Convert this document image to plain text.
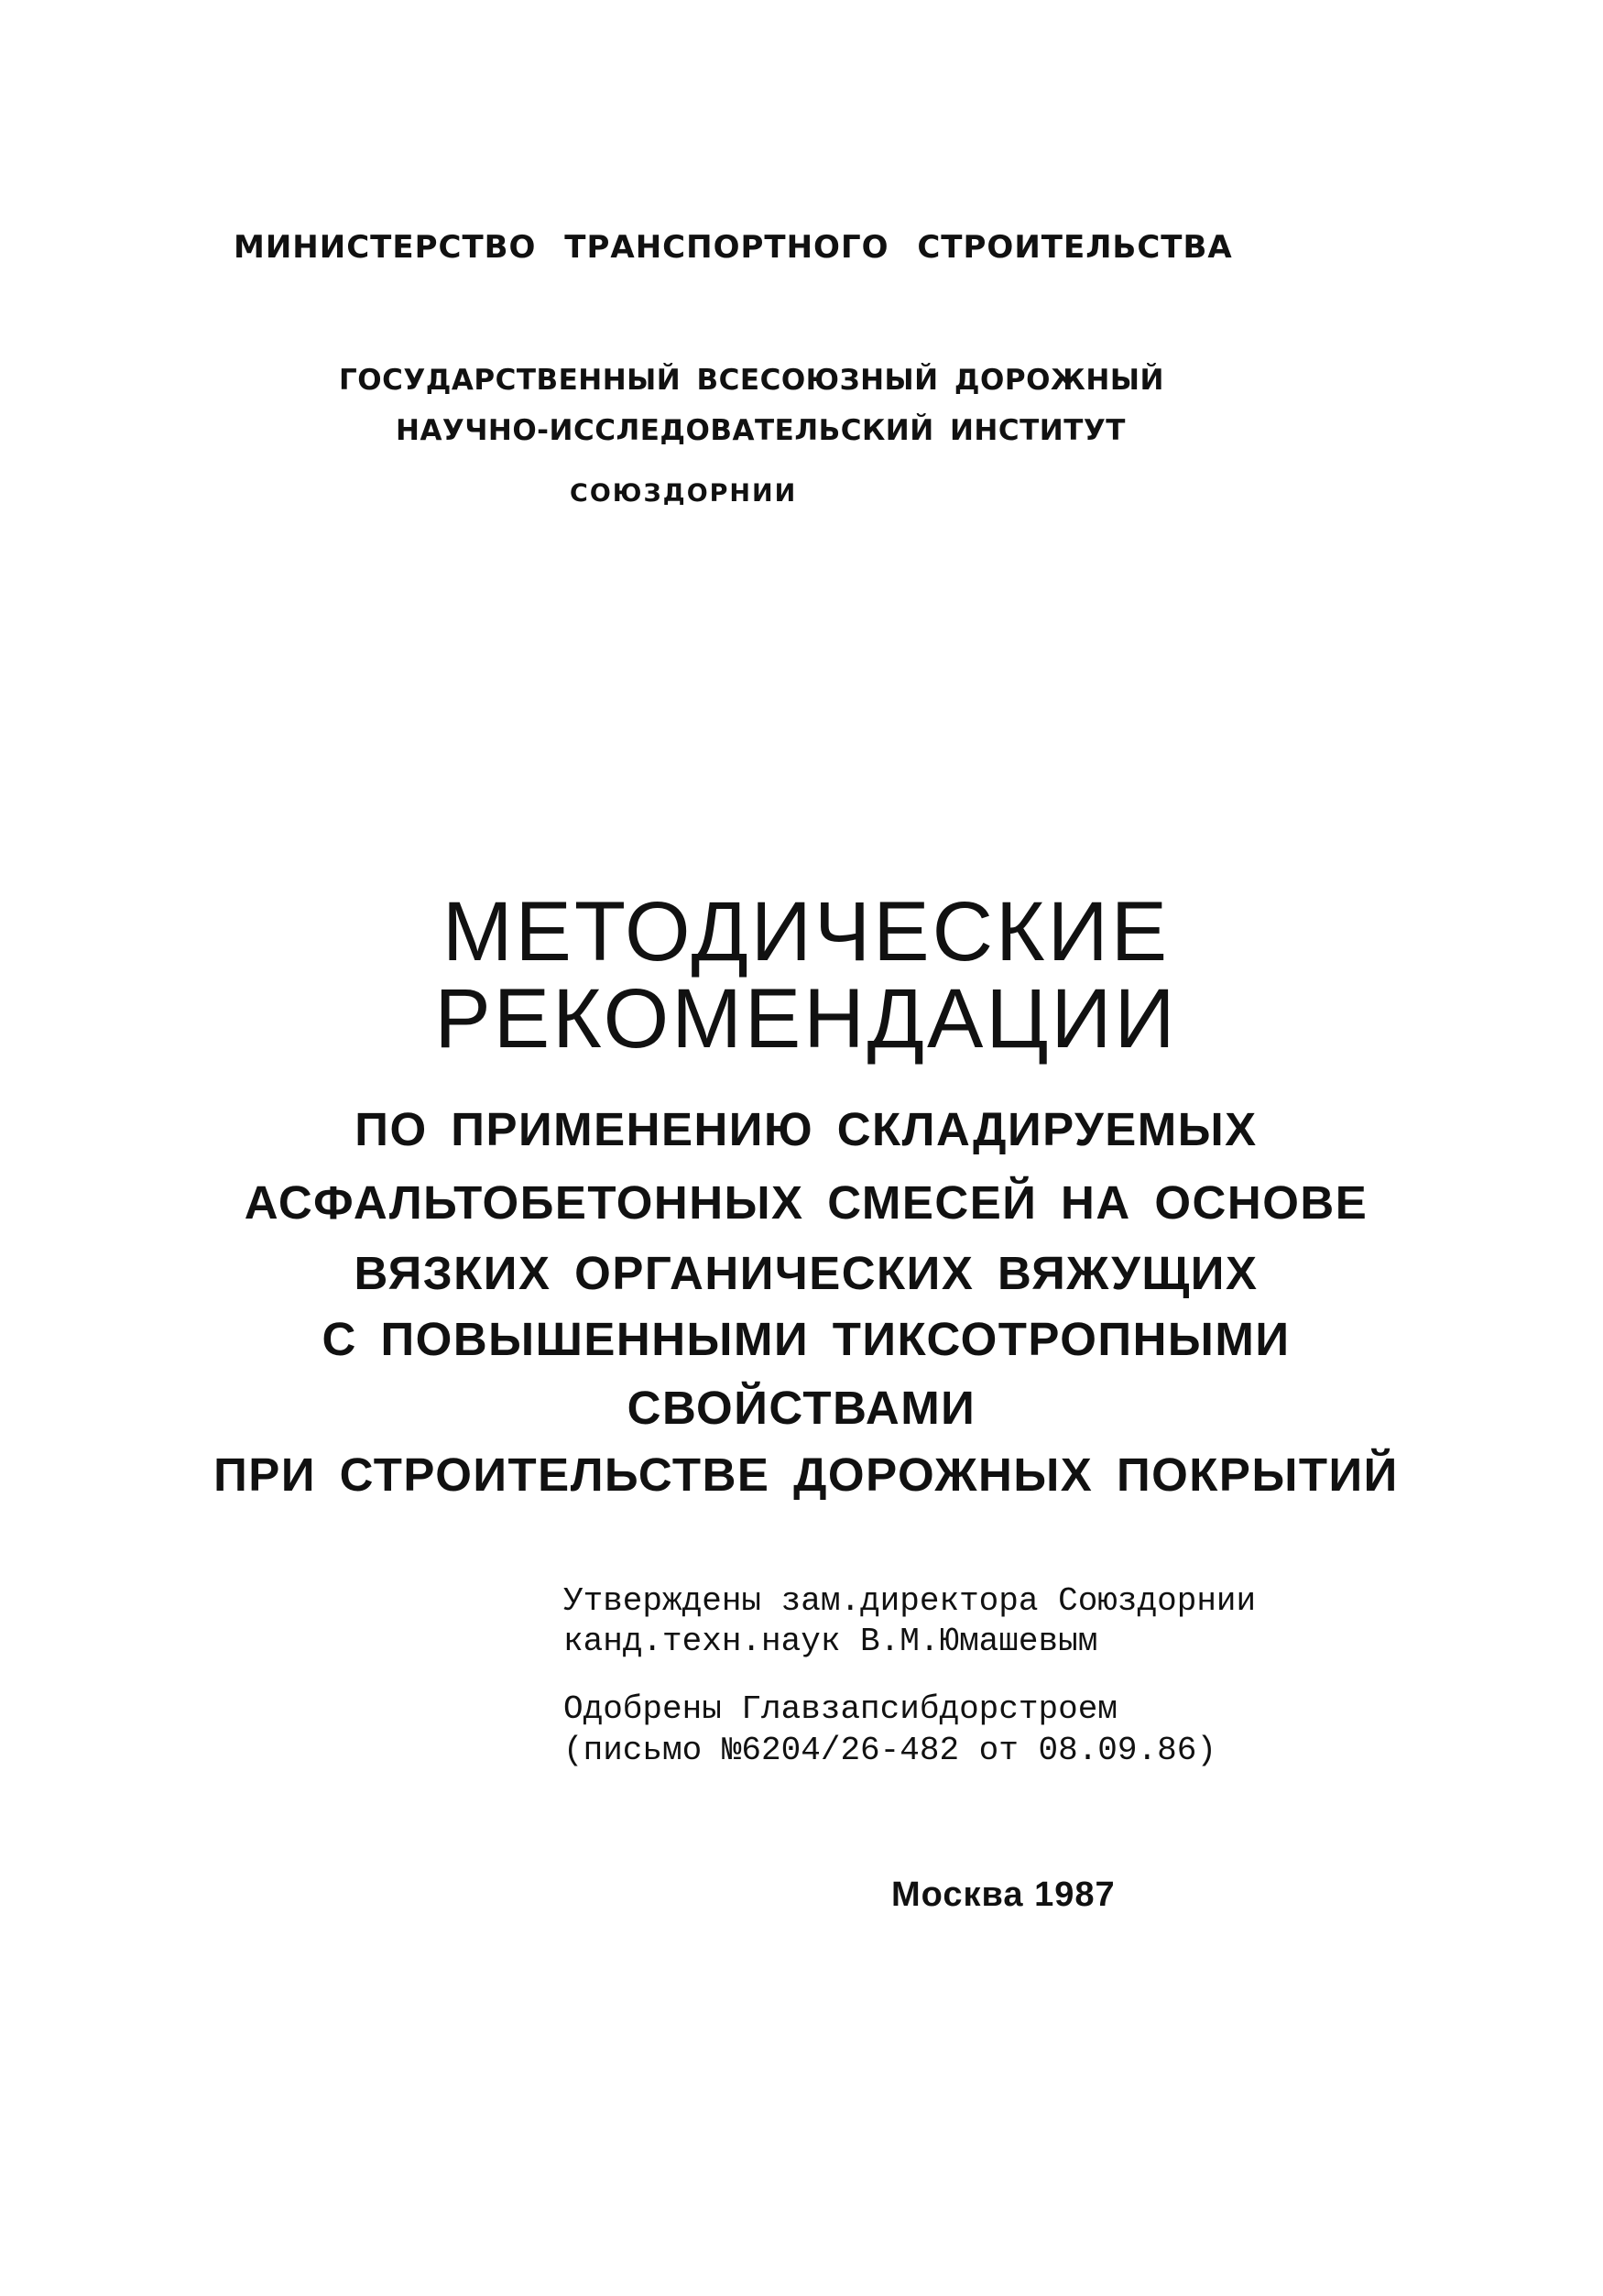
МИНИСТЕРСТВО ТРАНСПОРТНОГО СТРОИТЕЛЬСТВА

ГОСУДАРСТВЕННЫЙ ВСЕСОЮЗНЫЙ ДОРОЖНЫЙ

НАУЧНО-ИССЛЕДОВАТЕЛЬСКИЙ ИНСТИТУТ

союздорнии

МЕТОДИЧЕСКИЕ
РЕКОМЕНДАЦИИ

ПО ПРИМЕНЕНИЮ СКЛАДИРУЕМЫХ

АСФАЛЬТОБЕТОННЫХ СМЕСЕЙ НА ОСНОВЕ

ВЯЗКИХ ОРГАНИЧЕСКИХ ВЯЖУЩИХ

С ПОВЫШЕННЫМИ ТИКСОТРОПНЫМИ

СВОЙСТВАМИ

ПРИ СТРОИТЕЛЬСТВЕ ДОРОЖНЫХ ПОКРЫТИЙ

Утверждены зам.директора Союздорнии

канд.техн.наук В.М.Юмашевым

Одобрены Главзапсибдорстроем

(письмо №6204/26-482 от 08.09.86)

Москва 1987
